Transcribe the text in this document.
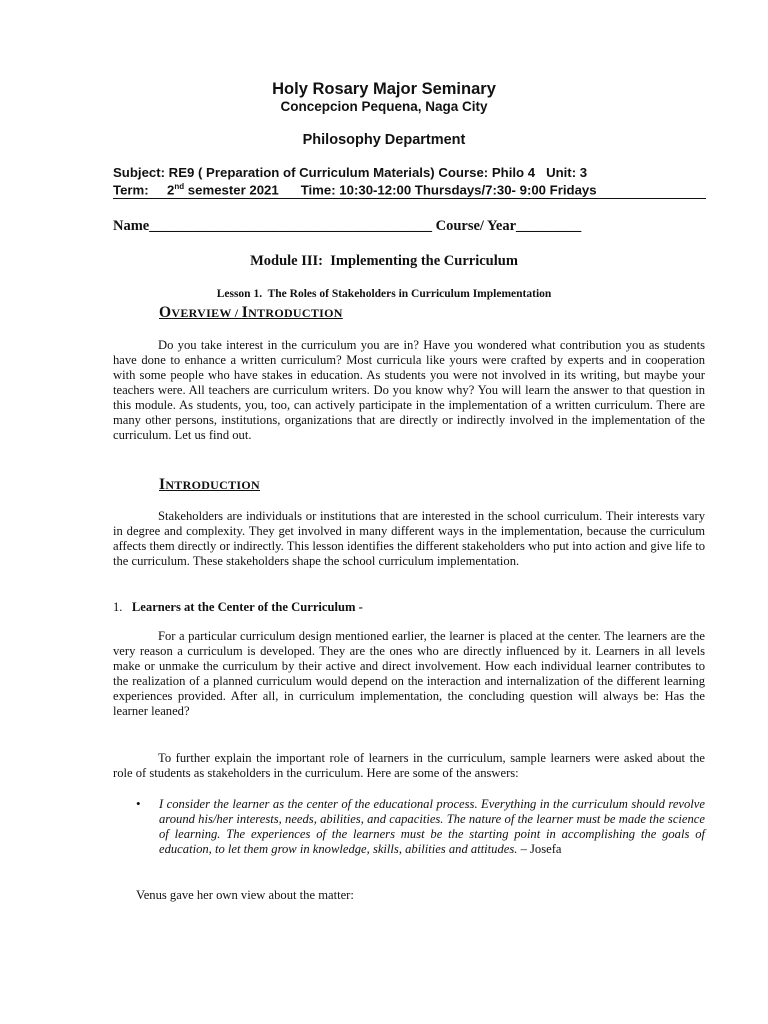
Holy Rosary Major Seminary
Concepcion Pequena, Naga City
Philosophy Department
Subject: RE9 ( Preparation of Curriculum Materials) Course: Philo 4   Unit: 3
Term: 2nd semester 2021 Time: 10:30-12:00 Thursdays/7:30- 9:00 Fridays
Name_______________________________________ Course/ Year_________
Module III:  Implementing the Curriculum
Lesson 1.  The Roles of Stakeholders in Curriculum Implementation
OVERVIEW / INTRODUCTION
Do you take interest in the curriculum you are in? Have you wondered what contribution you as students have done to enhance a written curriculum? Most curricula like yours were crafted by experts and in cooperation with some people who have stakes in education. As students you were not involved in its writing, but maybe your teachers were. All teachers are curriculum writers. Do you know why? You will learn the answer to that question in this module. As students, you, too, can actively participate in the implementation of a written curriculum. There are many other persons, institutions, organizations that are directly or indirectly involved in the implementation of the curriculum. Let us find out.
INTRODUCTION
Stakeholders are individuals or institutions that are interested in the school curriculum. Their interests vary in degree and complexity. They get involved in many different ways in the implementation, because the curriculum affects them directly or indirectly. This lesson identifies the different stakeholders who put into action and give life to the curriculum. These stakeholders shape the school curriculum implementation.
1. Learners at the Center of the Curriculum -
For a particular curriculum design mentioned earlier, the learner is placed at the center. The learners are the very reason a curriculum is developed. They are the ones who are directly influenced by it. Learners in all levels make or unmake the curriculum by their active and direct involvement. How each individual learner contributes to the realization of a planned curriculum would depend on the interaction and internalization of the different learning experiences provided. After all, in curriculum implementation, the concluding question will always be: Has the learner leaned?
To further explain the important role of learners in the curriculum, sample learners were asked about the role of students as stakeholders in the curriculum. Here are some of the answers:
• I consider the learner as the center of the educational process. Everything in the curriculum should revolve around his/her interests, needs, abilities, and capacities. The nature of the learner must be made the science of learning. The experiences of the learners must be the starting point in accomplishing the goals of education, to let them grow in knowledge, skills, abilities and attitudes. – Josefa
Venus gave her own view about the matter:
